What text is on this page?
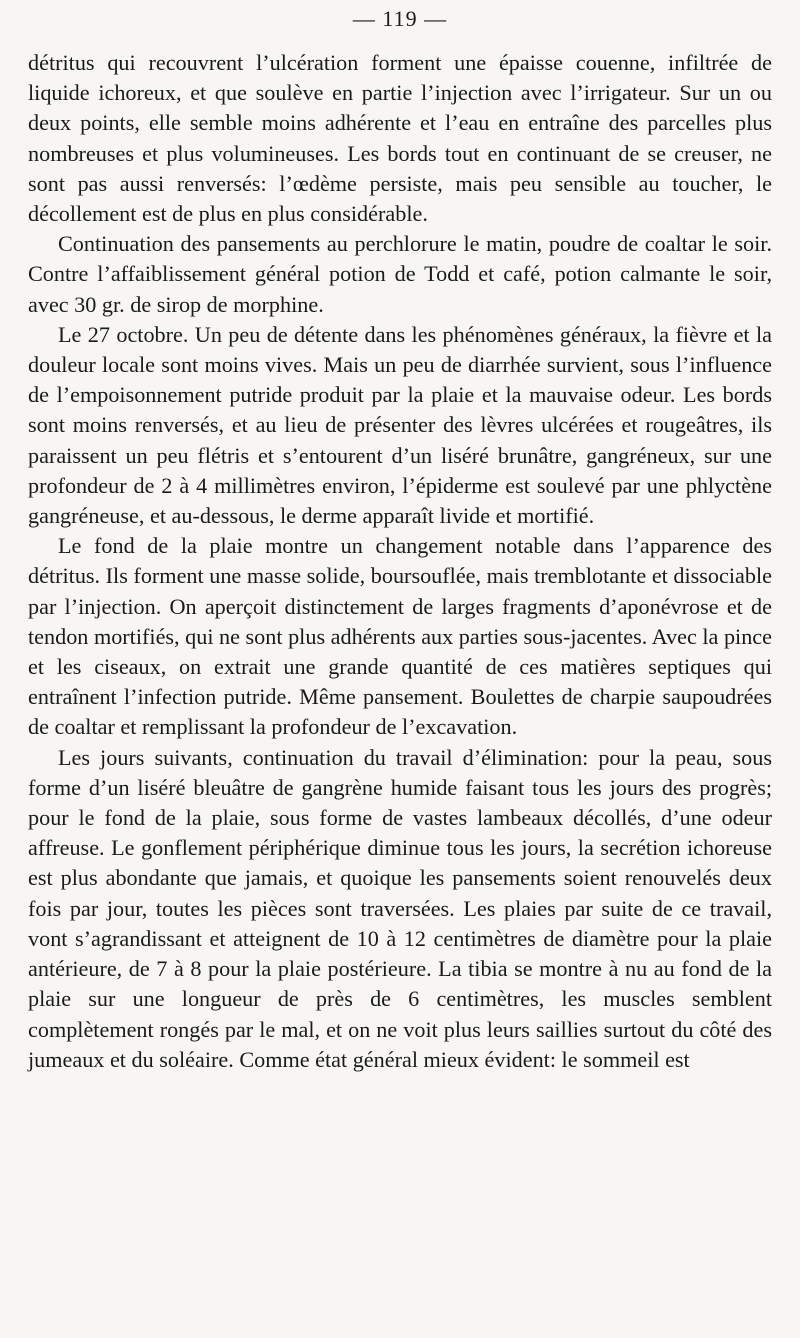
— 119 —

détritus qui recouvrent l’ulcération forment une épaisse couenne, infiltrée de liquide ichoreux, et que soulève en partie l’injection avec l’irrigateur. Sur un ou deux points, elle semble moins adhérente et l’eau en entraîne des parcelles plus nombreuses et plus volumineuses. Les bords tout en continuant de se creuser, ne sont pas aussi renversés: l’œdème persiste, mais peu sensible au toucher, le décollement est de plus en plus considérable.

Continuation des pansements au perchlorure le matin, poudre de coaltar le soir. Contre l’affaiblissement général potion de Todd et café, potion calmante le soir, avec 30 gr. de sirop de morphine.

Le 27 octobre. Un peu de détente dans les phénomènes généraux, la fièvre et la douleur locale sont moins vives. Mais un peu de diarrhée survient, sous l’influence de l’empoisonnement putride produit par la plaie et la mauvaise odeur. Les bords sont moins renversés, et au lieu de présenter des lèvres ulcérées et rougeâtres, ils paraissent un peu flétris et s’entourent d’un liséré brunâtre, gangréneux, sur une profondeur de 2 à 4 millimètres environ, l’épiderme est soulevé par une phlyctène gangréneuse, et au-dessous, le derme apparaît livide et mortifié.

Le fond de la plaie montre un changement notable dans l’apparence des détritus. Ils forment une masse solide, boursouflée, mais tremblotante et dissociable par l’injection. On aperçoit distinctement de larges fragments d’aponévrose et de tendon mortifiés, qui ne sont plus adhérents aux parties sous-jacentes. Avec la pince et les ciseaux, on extrait une grande quantité de ces matières septiques qui entraînent l’infection putride. Même pansement. Boulettes de charpie saupoudrées de coaltar et remplissant la profondeur de l’excavation.

Les jours suivants, continuation du travail d’élimination: pour la peau, sous forme d’un liséré bleuâtre de gangrène humide faisant tous les jours des progrès; pour le fond de la plaie, sous forme de vastes lambeaux décollés, d’une odeur affreuse. Le gonflement périphérique diminue tous les jours, la secrétion ichoreuse est plus abondante que jamais, et quoique les pansements soient renouvelés deux fois par jour, toutes les pièces sont traversées. Les plaies par suite de ce travail, vont s’agrandissant et atteignent de 10 à 12 centimètres de diamètre pour la plaie antérieure, de 7 à 8 pour la plaie postérieure. La tibia se montre à nu au fond de la plaie sur une longueur de près de 6 centimètres, les muscles semblent complètement rongés par le mal, et on ne voit plus leurs saillies surtout du côté des jumeaux et du soléaire. Comme état général mieux évident: le sommeil est
